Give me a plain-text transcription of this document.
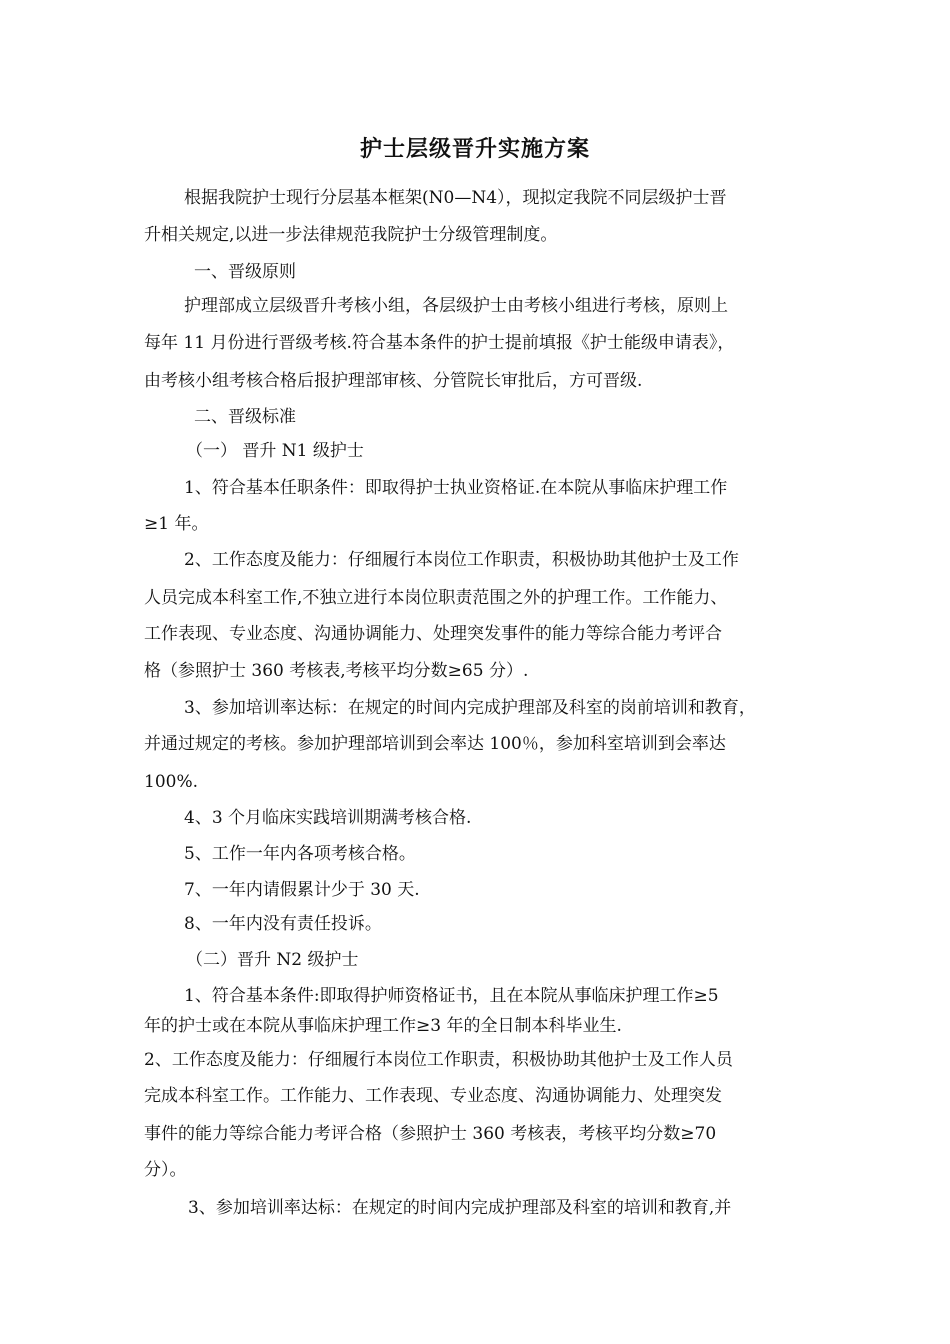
护士层级晋升实施方案
根据我院护士现行分层基本框架(N0—N4），现拟定我院不同层级护士晋
升相关规定,以进一步法律规范我院护士分级管理制度。
一、晋级原则
护理部成立层级晋升考核小组，各层级护士由考核小组进行考核，原则上
每年 11 月份进行晋级考核.符合基本条件的护士提前填报《护士能级申请表》，
由考核小组考核合格后报护理部审核、分管院长审批后，方可晋级.
二、晋级标准
（一） 晋升 N1 级护士
1、符合基本任职条件：即取得护士执业资格证.在本院从事临床护理工作
≥1 年。
2、工作态度及能力：仔细履行本岗位工作职责，积极协助其他护士及工作
人员完成本科室工作,不独立进行本岗位职责范围之外的护理工作。工作能力、
工作表现、专业态度、沟通协调能力、处理突发事件的能力等综合能力考评合
格（参照护士 360 考核表,考核平均分数≥65 分）.
3、参加培训率达标：在规定的时间内完成护理部及科室的岗前培训和教育，
并通过规定的考核。参加护理部培训到会率达 100％，参加科室培训到会率达
100%.
4、3 个月临床实践培训期满考核合格.
5、工作一年内各项考核合格。
7、一年内请假累计少于 30 天.
8、一年内没有责任投诉。
（二）晋升 N2 级护士
1、符合基本条件:即取得护师资格证书，且在本院从事临床护理工作≥5
年的护士或在本院从事临床护理工作≥3 年的全日制本科毕业生.
2、工作态度及能力：仔细履行本岗位工作职责，积极协助其他护士及工作人员
完成本科室工作。工作能力、工作表现、专业态度、沟通协调能力、处理突发
事件的能力等综合能力考评合格（参照护士 360 考核表，考核平均分数≥70
分）。
3、参加培训率达标：在规定的时间内完成护理部及科室的培训和教育,并
